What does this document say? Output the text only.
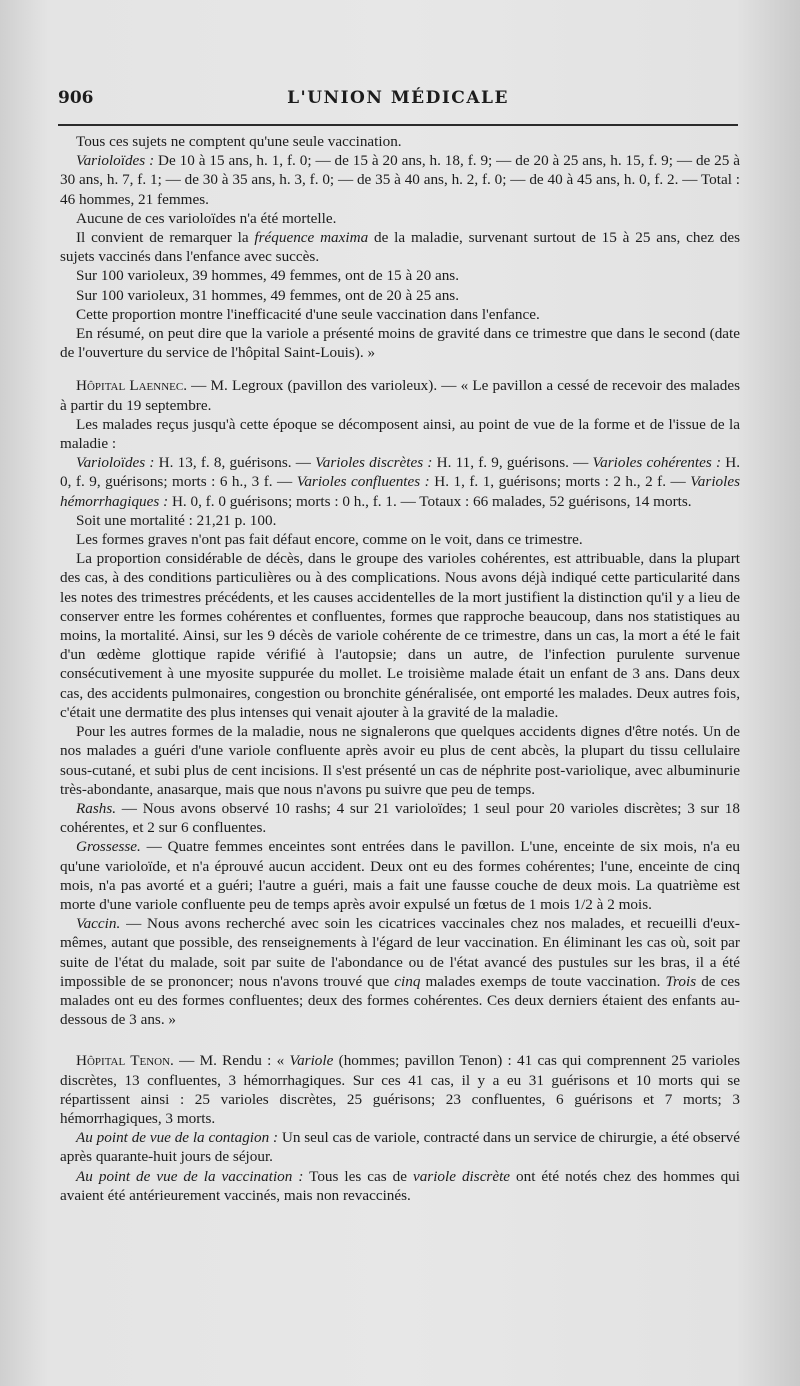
906	L'UNION MÉDICALE

Tous ces sujets ne comptent qu'une seule vaccination.

Varioloïdes : De 10 à 15 ans, h. 1, f. 0; — de 15 à 20 ans, h. 18, f. 9; — de 20 à 25 ans, h. 15, f. 9; — de 25 à 30 ans, h. 7, f. 1; — de 30 à 35 ans, h. 3, f. 0; — de 35 à 40 ans, h. 2, f. 0; — de 40 à 45 ans, h. 0, f. 2. — Total : 46 hommes, 21 femmes.

Aucune de ces varioloïdes n'a été mortelle.

Il convient de remarquer la fréquence maxima de la maladie, survenant surtout de 15 à 25 ans, chez des sujets vaccinés dans l'enfance avec succès.

Sur 100 varioleux, 39 hommes, 49 femmes, ont de 15 à 20 ans.

Sur 100 varioleux, 31 hommes, 49 femmes, ont de 20 à 25 ans.

Cette proportion montre l'inefficacité d'une seule vaccination dans l'enfance.

En résumé, on peut dire que la variole a présenté moins de gravité dans ce trimestre que dans le second (date de l'ouverture du service de l'hôpital Saint-Louis). »

Hôpital Laennec. — M. Legroux (pavillon des varioleux). — « Le pavillon a cessé de recevoir des malades à partir du 19 septembre.

Les malades reçus jusqu'à cette époque se décomposent ainsi, au point de vue de la forme et de l'issue de la maladie :

Varioloïdes : H. 13, f. 8, guérisons. — Varioles discrètes : H. 11, f. 9, guérisons. — Varioles cohérentes : H. 0, f. 9, guérisons; morts : 6 h., 3 f. — Varioles confluentes : H. 1, f. 1, guérisons; morts : 2 h., 2 f. — Varioles hémorrhagiques : H. 0, f. 0 guérisons; morts : 0 h., f. 1. — Totaux : 66 malades, 52 guérisons, 14 morts.

Soit une mortalité : 21,21 p. 100.

Les formes graves n'ont pas fait défaut encore, comme on le voit, dans ce trimestre.

La proportion considérable de décès, dans le groupe des varioles cohérentes, est attribuable, dans la plupart des cas, à des conditions particulières ou à des complications. Nous avons déjà indiqué cette particularité dans les notes des trimestres précédents, et les causes accidentelles de la mort justifient la distinction qu'il y a lieu de conserver entre les formes cohérentes et confluentes, formes que rapproche beaucoup, dans nos statistiques au moins, la mortalité. Ainsi, sur les 9 décès de variole cohérente de ce trimestre, dans un cas, la mort a été le fait d'un œdème glottique rapide vérifié à l'autopsie; dans un autre, de l'infection purulente survenue consécutivement à une myosite suppurée du mollet. Le troisième malade était un enfant de 3 ans. Dans deux cas, des accidents pulmonaires, congestion ou bronchite généralisée, ont emporté les malades. Deux autres fois, c'était une dermatite des plus intenses qui venait ajouter à la gravité de la maladie.

Pour les autres formes de la maladie, nous ne signalerons que quelques accidents dignes d'être notés. Un de nos malades a guéri d'une variole confluente après avoir eu plus de cent abcès, la plupart du tissu cellulaire sous-cutané, et subi plus de cent incisions. Il s'est présenté un cas de néphrite post-variolique, avec albuminurie très-abondante, anasarque, mais que nous n'avons pu suivre que peu de temps.

Rashs. — Nous avons observé 10 rashs; 4 sur 21 varioloïdes; 1 seul pour 20 varioles discrètes; 3 sur 18 cohérentes, et 2 sur 6 confluentes.

Grossesse. — Quatre femmes enceintes sont entrées dans le pavillon. L'une, enceinte de six mois, n'a eu qu'une varioloïde, et n'a éprouvé aucun accident. Deux ont eu des formes cohérentes; l'une, enceinte de cinq mois, n'a pas avorté et a guéri; l'autre a guéri, mais a fait une fausse couche de deux mois. La quatrième est morte d'une variole confluente peu de temps après avoir expulsé un fœtus de 1 mois 1/2 à 2 mois.

Vaccin. — Nous avons recherché avec soin les cicatrices vaccinales chez nos malades, et recueilli d'eux-mêmes, autant que possible, des renseignements à l'égard de leur vaccination. En éliminant les cas où, soit par suite de l'état du malade, soit par suite de l'abondance ou de l'état avancé des pustules sur les bras, il a été impossible de se prononcer; nous n'avons trouvé que cinq malades exemps de toute vaccination. Trois de ces malades ont eu des formes confluentes; deux des formes cohérentes. Ces deux derniers étaient des enfants au-dessous de 3 ans. »

Hôpital Tenon. — M. Rendu : « Variole (hommes; pavillon Tenon) : 41 cas qui comprennent 25 varioles discrètes, 13 confluentes, 3 hémorrhagiques. Sur ces 41 cas, il y a eu 31 guérisons et 10 morts qui se répartissent ainsi : 25 varioles discrètes, 25 guérisons; 23 confluentes, 6 guérisons et 7 morts; 3 hémorrhagiques, 3 morts.

Au point de vue de la contagion : Un seul cas de variole, contracté dans un service de chirurgie, a été observé après quarante-huit jours de séjour.

Au point de vue de la vaccination : Tous les cas de variole discrète ont été notés chez des hommes qui avaient été antérieurement vaccinés, mais non revaccinés.
